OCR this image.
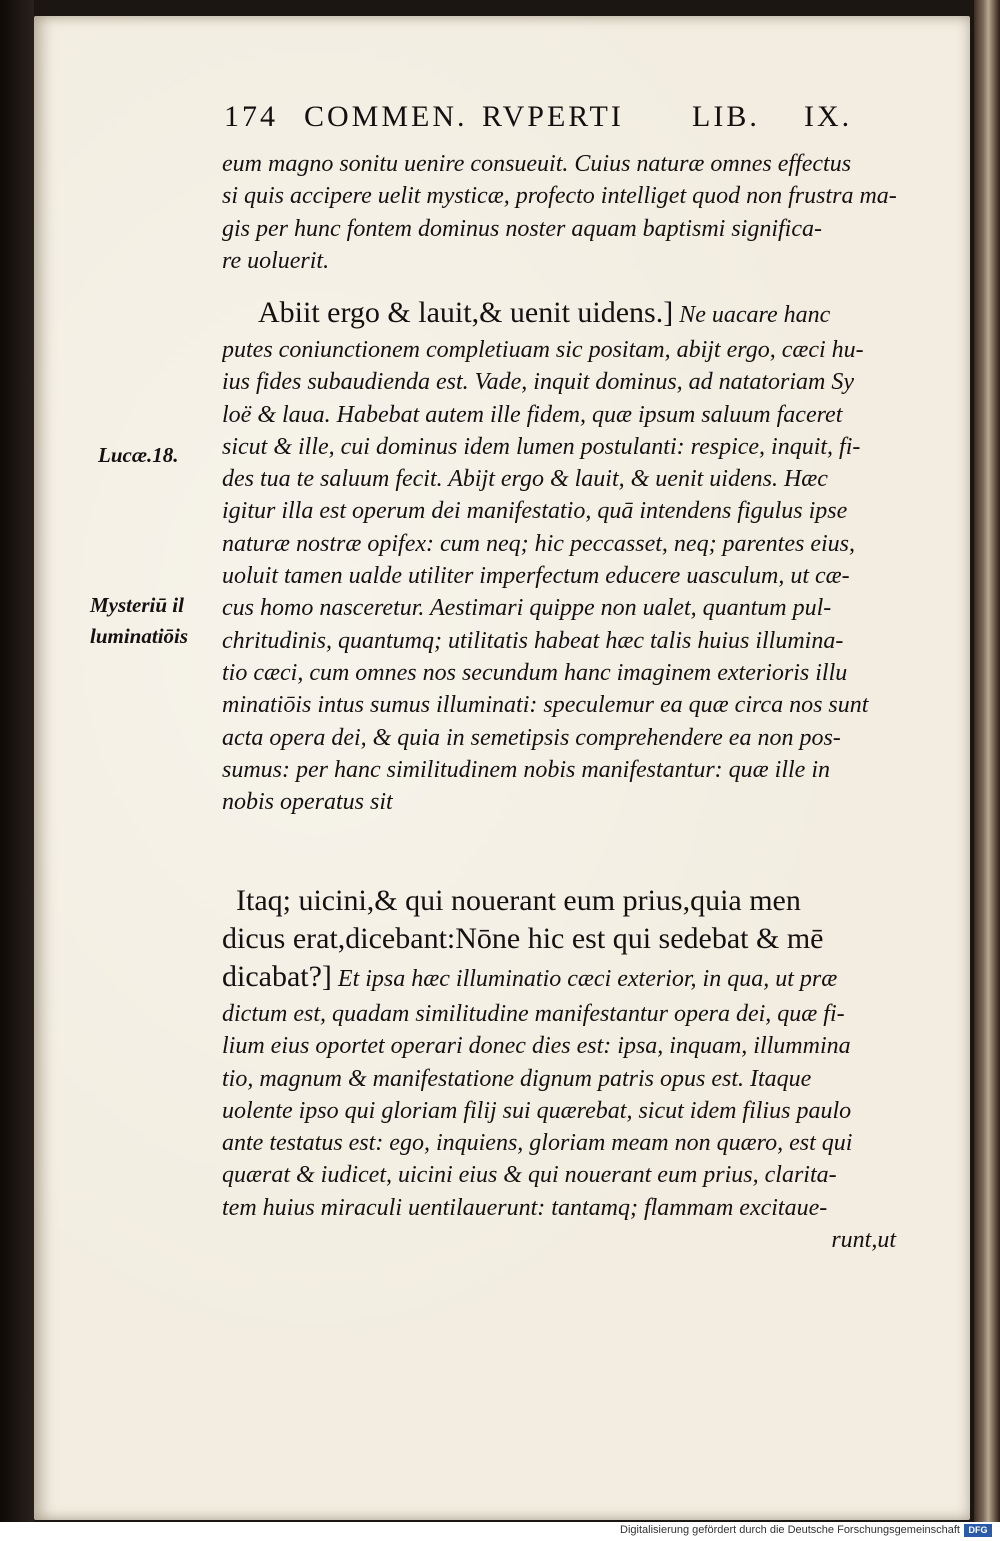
174 COMMEN. RVPERTI LIB. IX.
eum magno sonitu uenire consueuit. Cuius naturæ omnes effectus
si quis accipere uelit mysticæ, profecto intelliget quod non frustra ma-
gis per hunc fontem dominus noster aquam baptismi significa-
re uoluerit.
Abiit ergo & lauit,& uenit uidens.] Ne uacare hanc
putes coniunctionem completiuam sic positam, abijt ergo, cæci hu-
ius fides subaudienda est. Vade, inquit dominus, ad natatoriam Sy
loë & laua. Habebat autem ille fidem, quæ ipsum saluum faceret
sicut & ille, cui dominus idem lumen postulanti: respice, inquit, fi-
des tua te saluum fecit. Abijt ergo & lauit, & uenit uidens. Hæc
igitur illa est operum dei manifestatio, quā intendens figulus ipse
naturæ nostræ opifex: cum neq; hic peccasset, neq; parentes eius,
uoluit tamen ualde utiliter imperfectum educere uasculum, ut cæ-
cus homo nasceretur. Aestimari quippe non ualet, quantum pul-
chritudinis, quantumq; utilitatis habeat hæc talis huius illumina-
tio cæci, cum omnes nos secundum hanc imaginem exterioris illu
minatiōis intus sumus illuminati: speculemur ea quæ circa nos sunt
acta opera dei, & quia in semetipsis comprehendere ea non pos-
sumus: per hanc similitudinem nobis manifestantur: quæ ille in
nobis operatus sit
Itaq; uicini,& qui nouerant eum prius,quia men
dicus erat,dicebant:Nōne hic est qui sedebat & mē
dicabat?] Et ipsa hæc illuminatio cæci exterior, in qua, ut præ
dictum est, quadam similitudine manifestantur opera dei, quæ fi-
lium eius oportet operari donec dies est: ipsa, inquam, illummina
tio, magnum & manifestatione dignum patris opus est. Itaque
uolente ipso qui gloriam filij sui quærebat, sicut idem filius paulo
ante testatus est: ego, inquiens, gloriam meam non quæro, est qui
quærat & iudicet, uicini eius & qui nouerant eum prius, clarita-
tem huius miraculi uentilauerunt: tantamq; flammam excitaue-
runt,ut
Lucæ.18.
Mysteriū il
luminatiōis
Digitalisierung gefördert durch die Deutsche Forschungsgemeinschaft DFG
